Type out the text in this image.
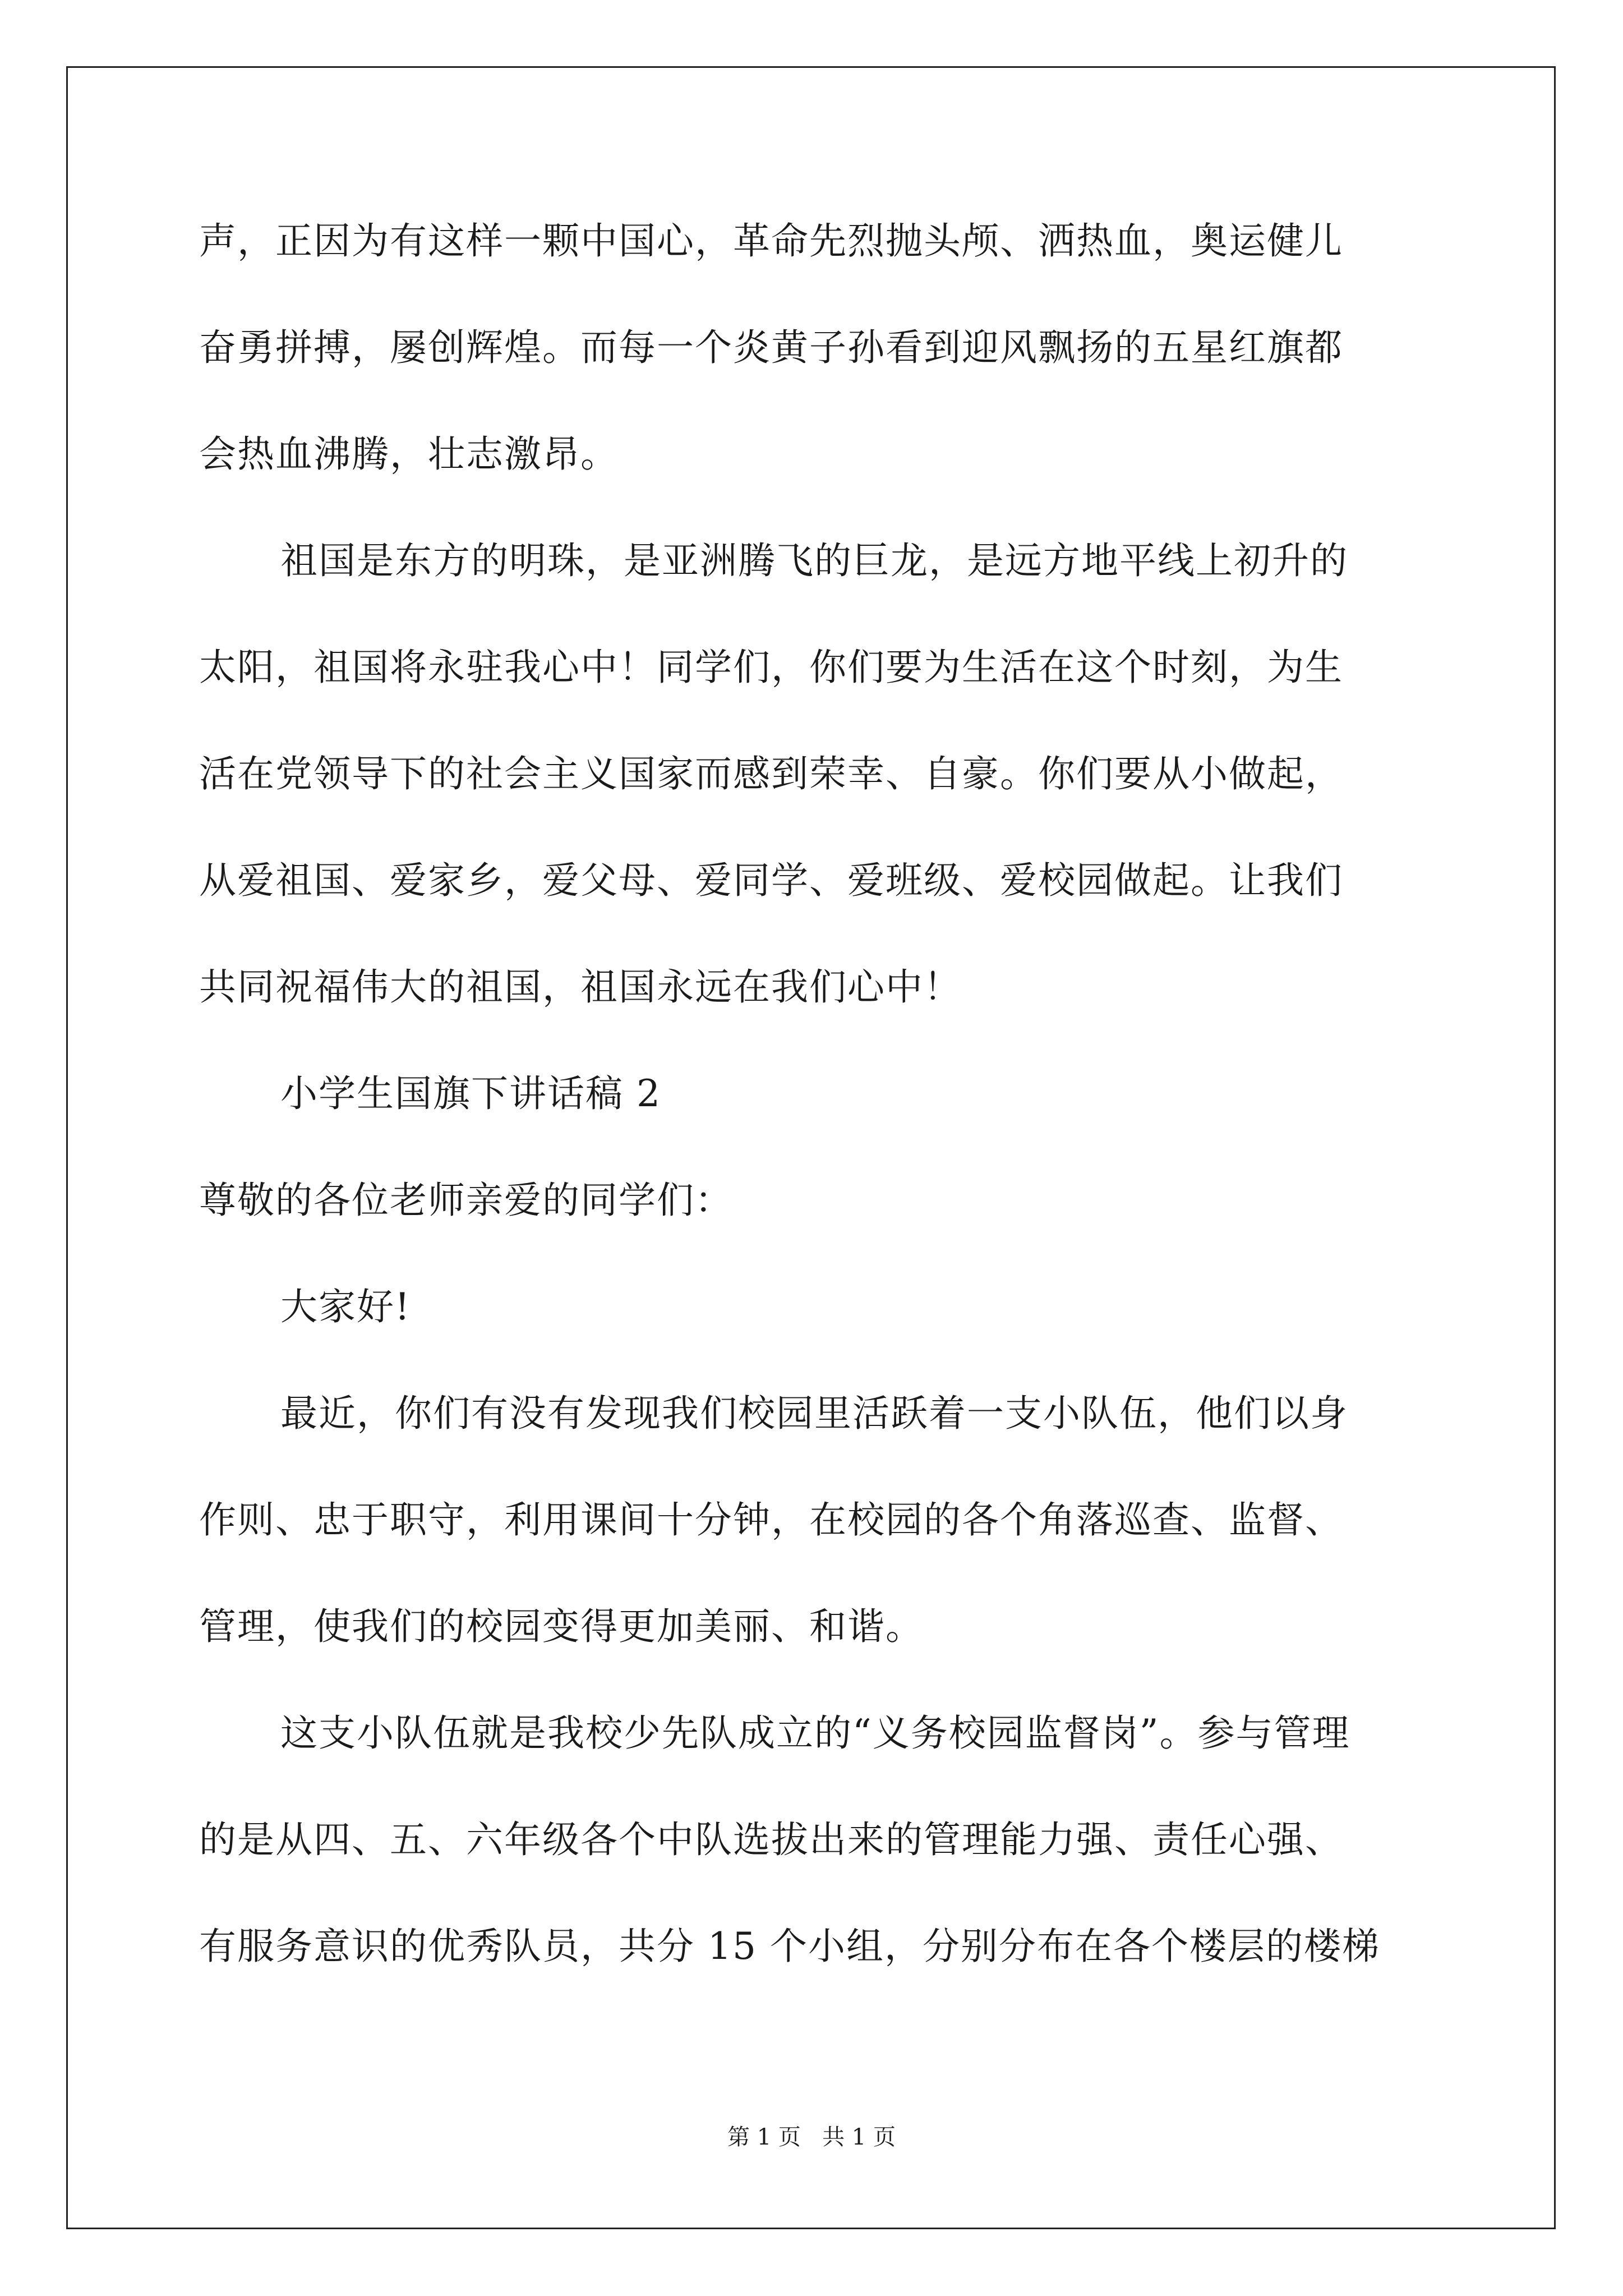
声，正因为有这样一颗中国心，革命先烈抛头颅、洒热血，奥运健儿
奋勇拼搏，屡创辉煌。而每一个炎黄子孙看到迎风飘扬的五星红旗都
会热血沸腾，壮志激昂。
祖国是东方的明珠，是亚洲腾飞的巨龙，是远方地平线上初升的
太阳，祖国将永驻我心中！同学们，你们要为生活在这个时刻，为生
活在党领导下的社会主义国家而感到荣幸、自豪。你们要从小做起，
从爱祖国、爱家乡，爱父母、爱同学、爱班级、爱校园做起。让我们
共同祝福伟大的祖国，祖国永远在我们心中！
小学生国旗下讲话稿 2
尊敬的各位老师亲爱的同学们：
大家好!
最近，你们有没有发现我们校园里活跃着一支小队伍，他们以身
作则、忠于职守，利用课间十分钟，在校园的各个角落巡查、监督、
管理，使我们的校园变得更加美丽、和谐。
这支小队伍就是我校少先队成立的“义务校园监督岗”。参与管理
的是从四、五、六年级各个中队选拔出来的管理能力强、责任心强、
有服务意识的优秀队员，共分 15 个小组，分别分布在各个楼层的楼梯
第 1 页   共 1 页
